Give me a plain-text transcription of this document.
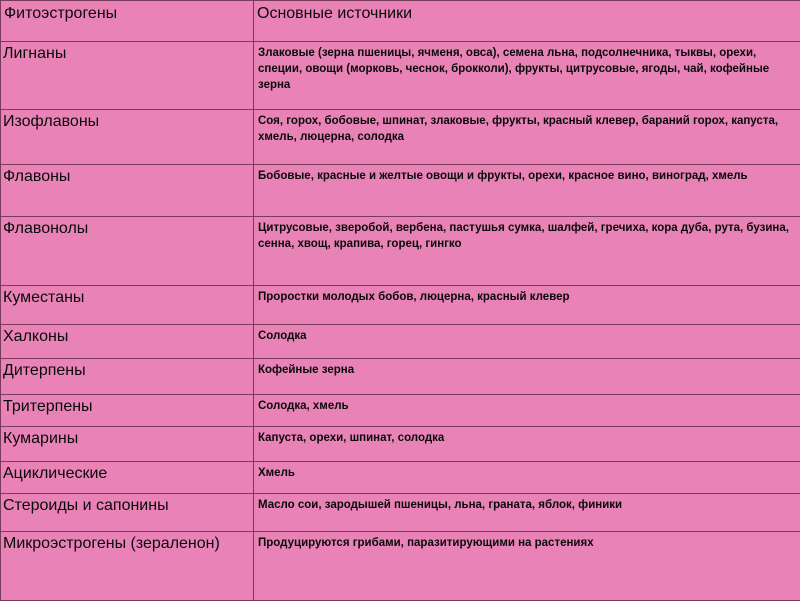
Фитоэстрогены	Основные источники
Лигнаны	Злаковые (зерна пшеницы, ячменя, овса), семена льна, подсолнечника, тыквы, орехи, специи, овощи (морковь, чеснок, брокколи), фрукты, цитрусовые, ягоды, чай, кофейные зерна
Изофлавоны	Соя, горох, бобовые, шпинат, злаковые, фрукты, красный клевер, бараний горох, капуста, хмель, люцерна, солодка
Флавоны	Бобовые, красные и желтые овощи и фрукты, орехи, красное вино, виноград, хмель
Флавонолы	Цитрусовые, зверобой, вербена, пастушья сумка, шалфей, гречиха, кора дуба, рута, бузина, сенна, хвощ, крапива, горец, гингко
Куместаны	Проростки молодых бобов, люцерна, красный клевер
Халконы	Солодка
Дитерпены	Кофейные зерна
Тритерпены	Солодка, хмель
Кумарины	Капуста, орехи, шпинат, солодка
Ациклические	Хмель
Стероиды и сапонины	Масло сои, зародышей пшеницы, льна, граната, яблок, финики
Микроэстрогены (зераленон)	Продуцируются грибами, паразитирующими на растениях
